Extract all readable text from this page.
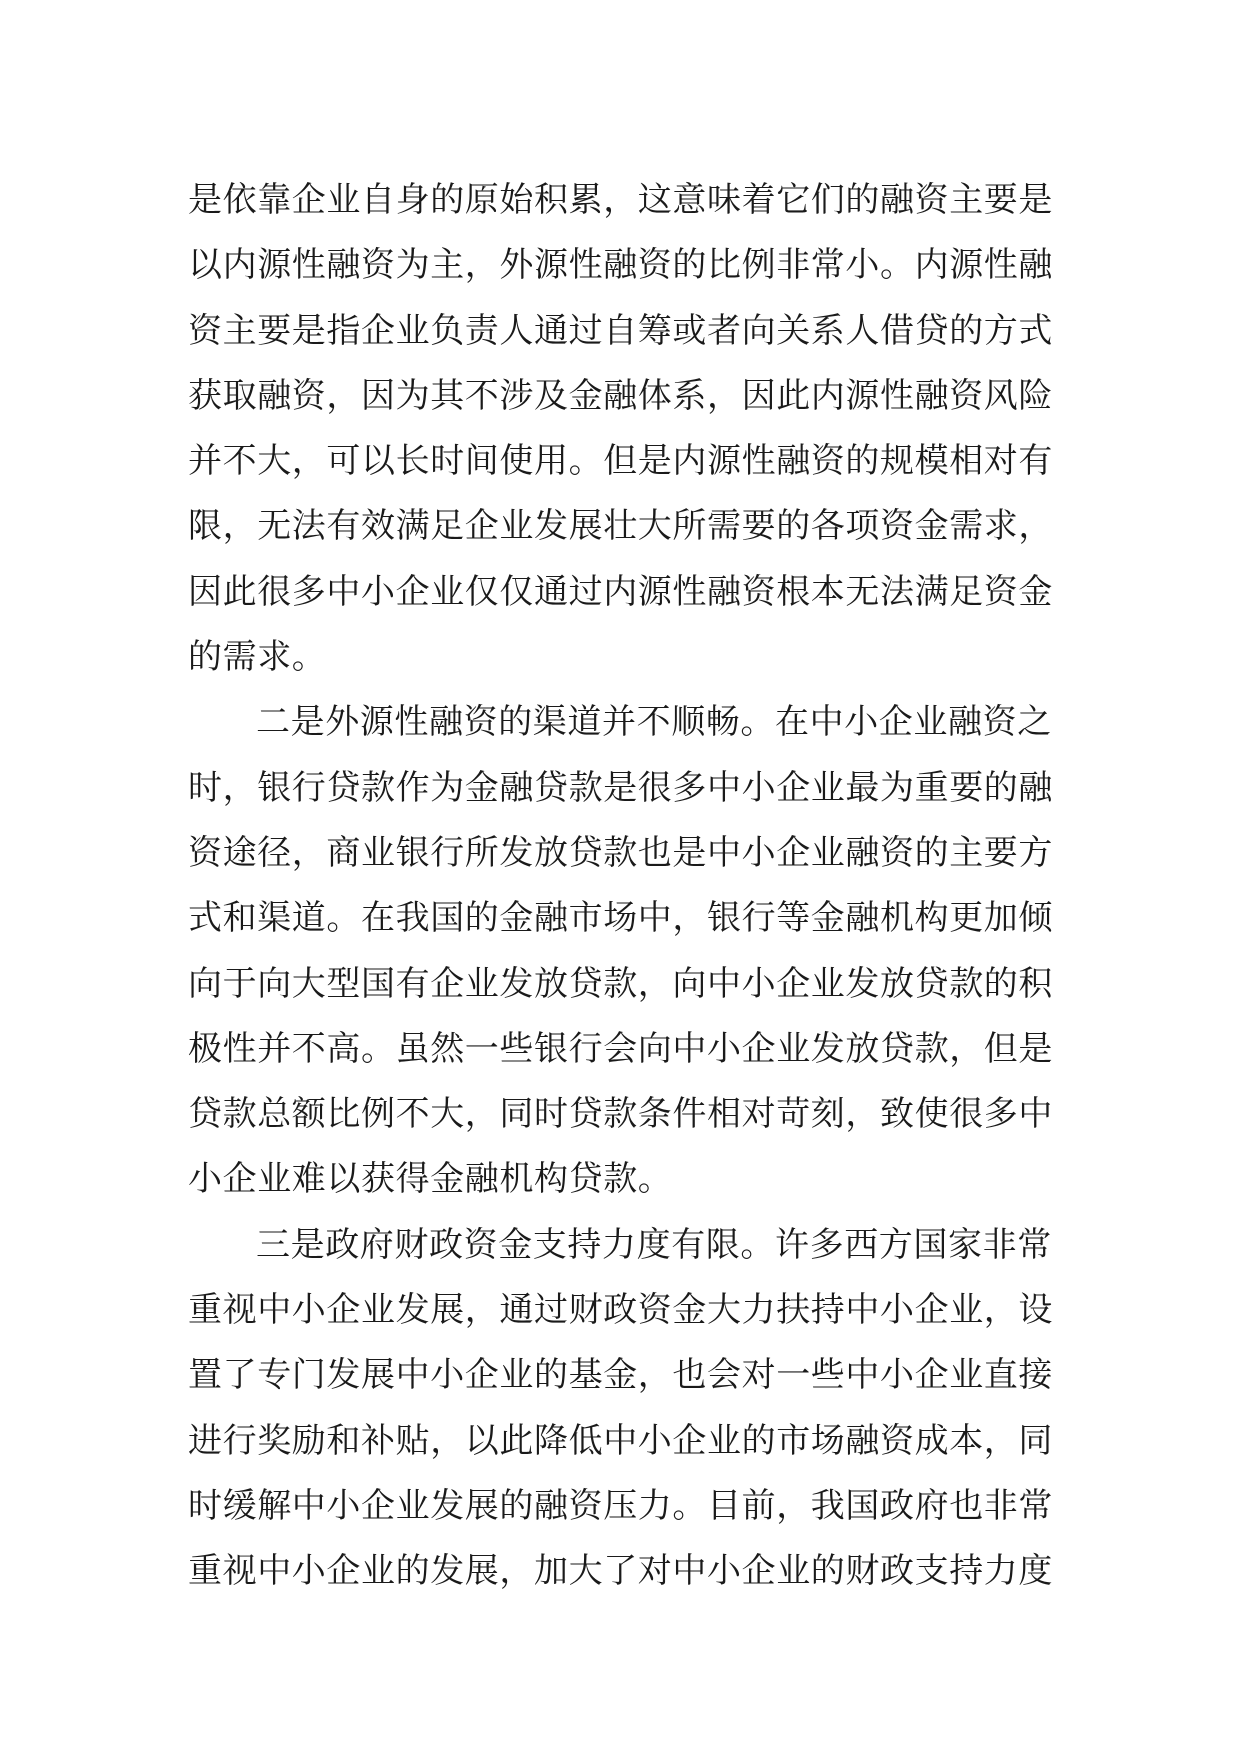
是依靠企业自身的原始积累，这意味着它们的融资主要是
以内源性融资为主，外源性融资的比例非常小。内源性融
资主要是指企业负责人通过自筹或者向关系人借贷的方式
获取融资，因为其不涉及金融体系，因此内源性融资风险
并不大，可以长时间使用。但是内源性融资的规模相对有
限，无法有效满足企业发展壮大所需要的各项资金需求，
因此很多中小企业仅仅通过内源性融资根本无法满足资金
的需求。
二是外源性融资的渠道并不顺畅。在中小企业融资之
时，银行贷款作为金融贷款是很多中小企业最为重要的融
资途径，商业银行所发放贷款也是中小企业融资的主要方
式和渠道。在我国的金融市场中，银行等金融机构更加倾
向于向大型国有企业发放贷款，向中小企业发放贷款的积
极性并不高。虽然一些银行会向中小企业发放贷款，但是
贷款总额比例不大，同时贷款条件相对苛刻，致使很多中
小企业难以获得金融机构贷款。
三是政府财政资金支持力度有限。许多西方国家非常
重视中小企业发展，通过财政资金大力扶持中小企业，设
置了专门发展中小企业的基金，也会对一些中小企业直接
进行奖励和补贴，以此降低中小企业的市场融资成本，同
时缓解中小企业发展的融资压力。目前，我国政府也非常
重视中小企业的发展，加大了对中小企业的财政支持力度
